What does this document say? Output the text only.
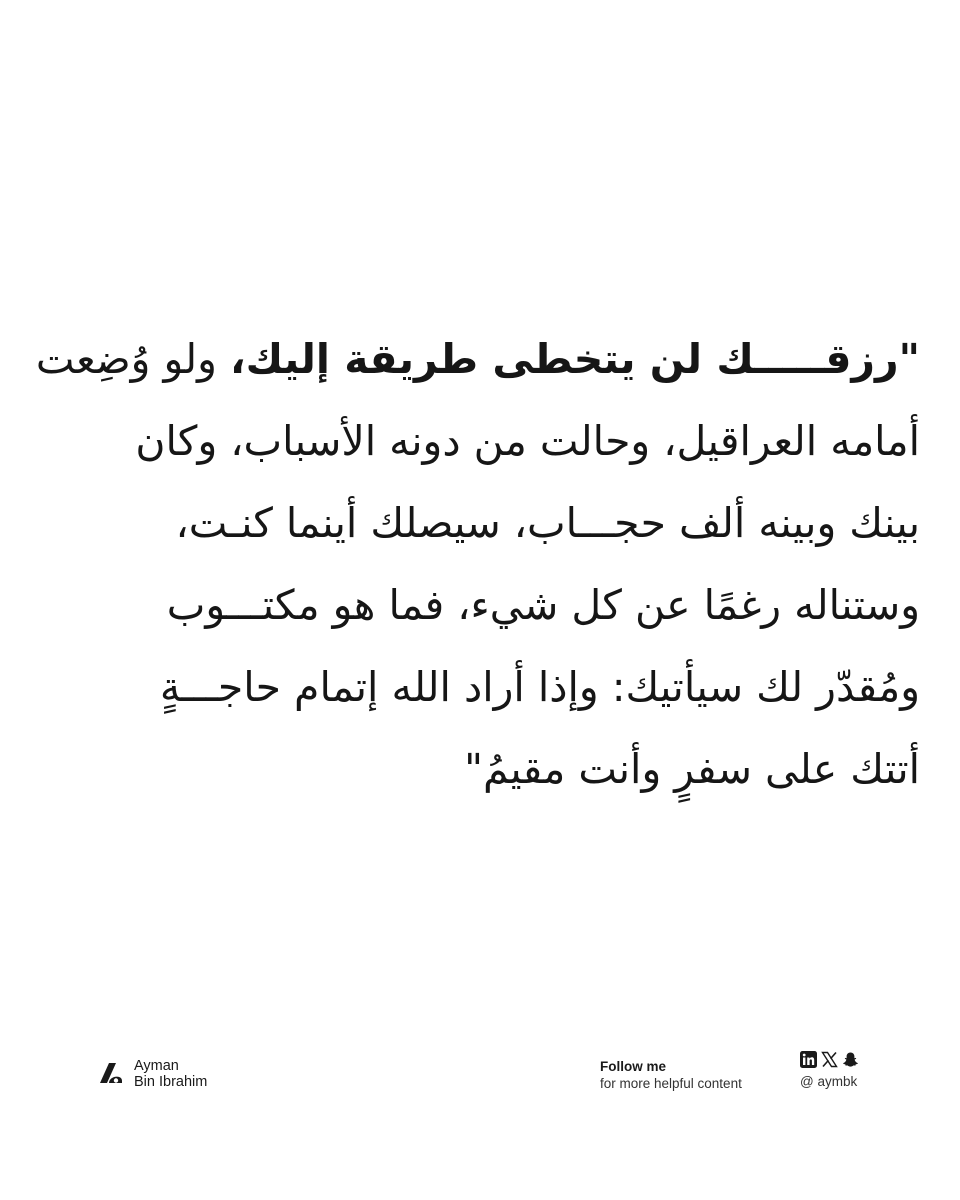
"رزقـــــك لن يتخطى طريقة إليك، ولو وُضِعت
أمامه العراقيل، وحالت من دونه الأسباب، وكان
بينك وبينه ألف حجـــاب، سيصلك أينما كنـت،
وستناله رغمًا عن كل شيء، فما هو مكتـــوب
ومُقدّر لك سيأتيك: وإذا أراد الله إتمام حاجـــةٍ
أتتك على سفرٍ وأنت مقيمُ"
Ayman
Bin Ibrahim
Follow me
for more helpful content	@ aymbk
